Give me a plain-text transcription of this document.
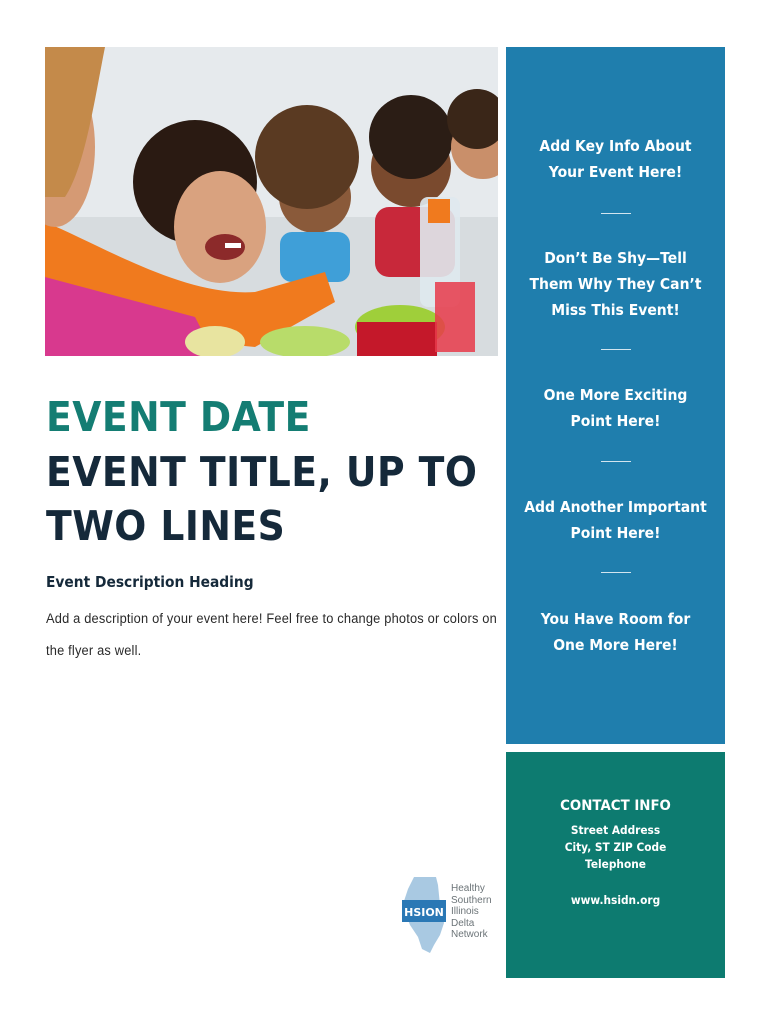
EVENT DATE
EVENT TITLE, UP TO TWO LINES
Event Description Heading

Add a description of your event here! Feel free to change photos or colors on the flyer as well.

Add Key Info About Your Event Here!

Don’t Be Shy—Tell Them Why They Can’t Miss This Event!

One More Exciting Point Here!

Add Another Important Point Here!

You Have Room for One More Here!

CONTACT INFO

Street Address

City, ST ZIP Code

Telephone

www.hsidn.org

HSION

Healthy
Southern
Illinois
Delta
Network
